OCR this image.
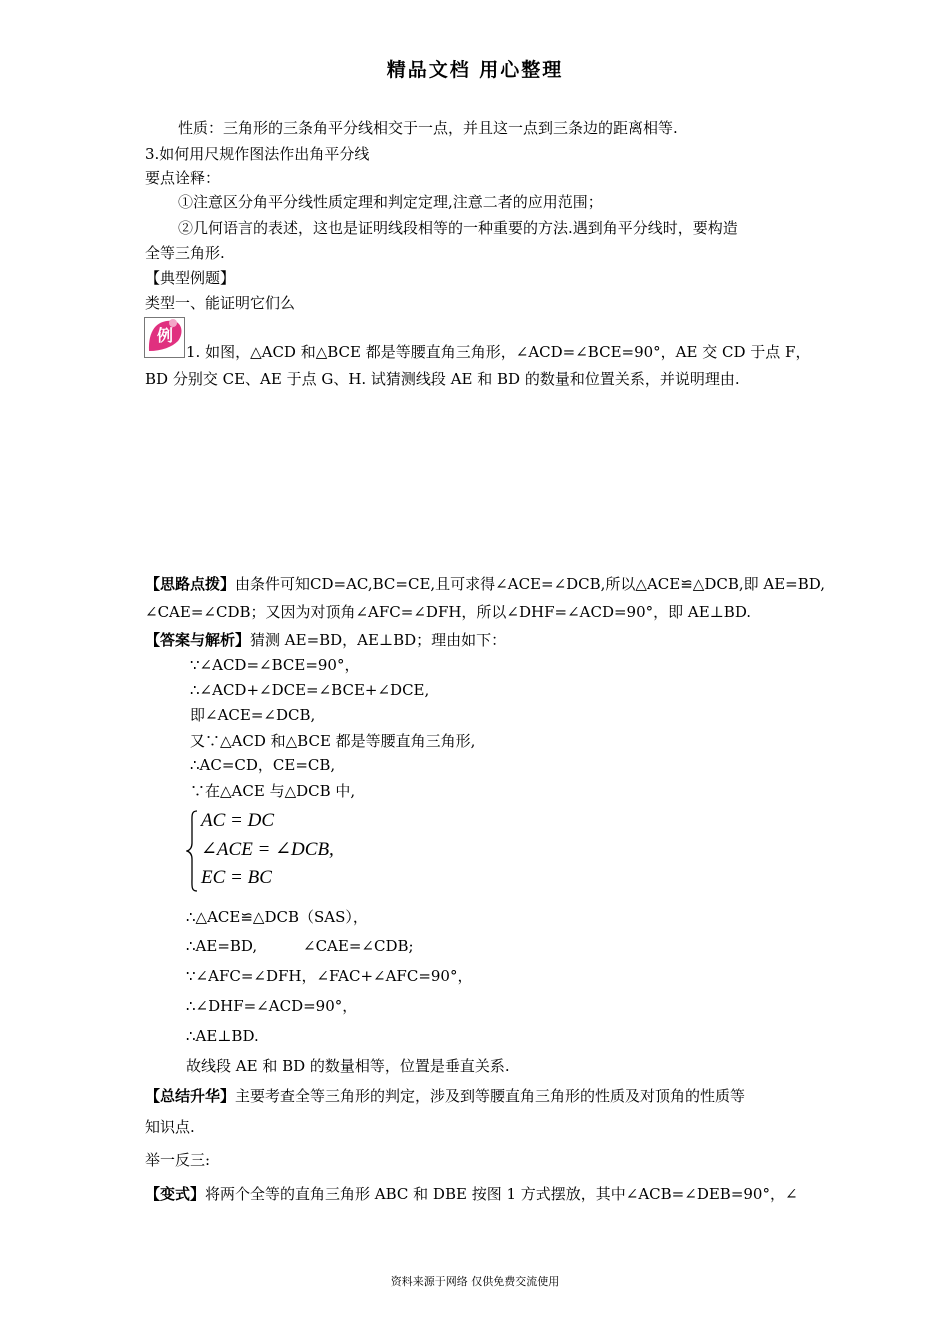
精品文档 用心整理
性质：三角形的三条角平分线相交于一点，并且这一点到三条边的距离相等.
3.如何用尺规作图法作出角平分线
要点诠释：
①注意区分角平分线性质定理和判定定理,注意二者的应用范围；
②几何语言的表述，这也是证明线段相等的一种重要的方法.遇到角平分线时，要构造
全等三角形.
【典型例题】
类型一、能证明它们么
例
1. 如图，△ACD 和△BCE 都是等腰直角三角形，∠ACD=∠BCE=90°，AE 交 CD 于点 F，
BD 分别交 CE、AE 于点 G、H. 试猜测线段 AE 和 BD 的数量和位置关系，并说明理由.
【思路点拨】由条件可知CD=AC,BC=CE,且可求得∠ACE=∠DCB,所以△ACE≌△DCB,即 AE=BD,
∠CAE=∠CDB；又因为对顶角∠AFC=∠DFH，所以∠DHF=∠ACD=90°，即 AE⊥BD.
【答案与解析】猜测 AE=BD，AE⊥BD；理由如下：
∵∠ACD=∠BCE=90°，
∴∠ACD+∠DCE=∠BCE+∠DCE,
即∠ACE=∠DCB,
又∵△ACD 和△BCE 都是等腰直角三角形,
∴AC=CD，CE=CB,
∵在△ACE 与△DCB 中,
AC = DC
∠ACE = ∠DCB,
EC = BC
∴△ACE≌△DCB（SAS），
∴AE=BD,	∠CAE=∠CDB;
∵∠AFC=∠DFH，∠FAC+∠AFC=90°，
∴∠DHF=∠ACD=90°，
∴AE⊥BD.
故线段 AE 和 BD 的数量相等，位置是垂直关系.
【总结升华】主要考查全等三角形的判定，涉及到等腰直角三角形的性质及对顶角的性质等
知识点.
举一反三:
【变式】将两个全等的直角三角形 ABC 和 DBE 按图 1 方式摆放，其中∠ACB=∠DEB=90°，∠
资料来源于网络 仅供免费交流使用
